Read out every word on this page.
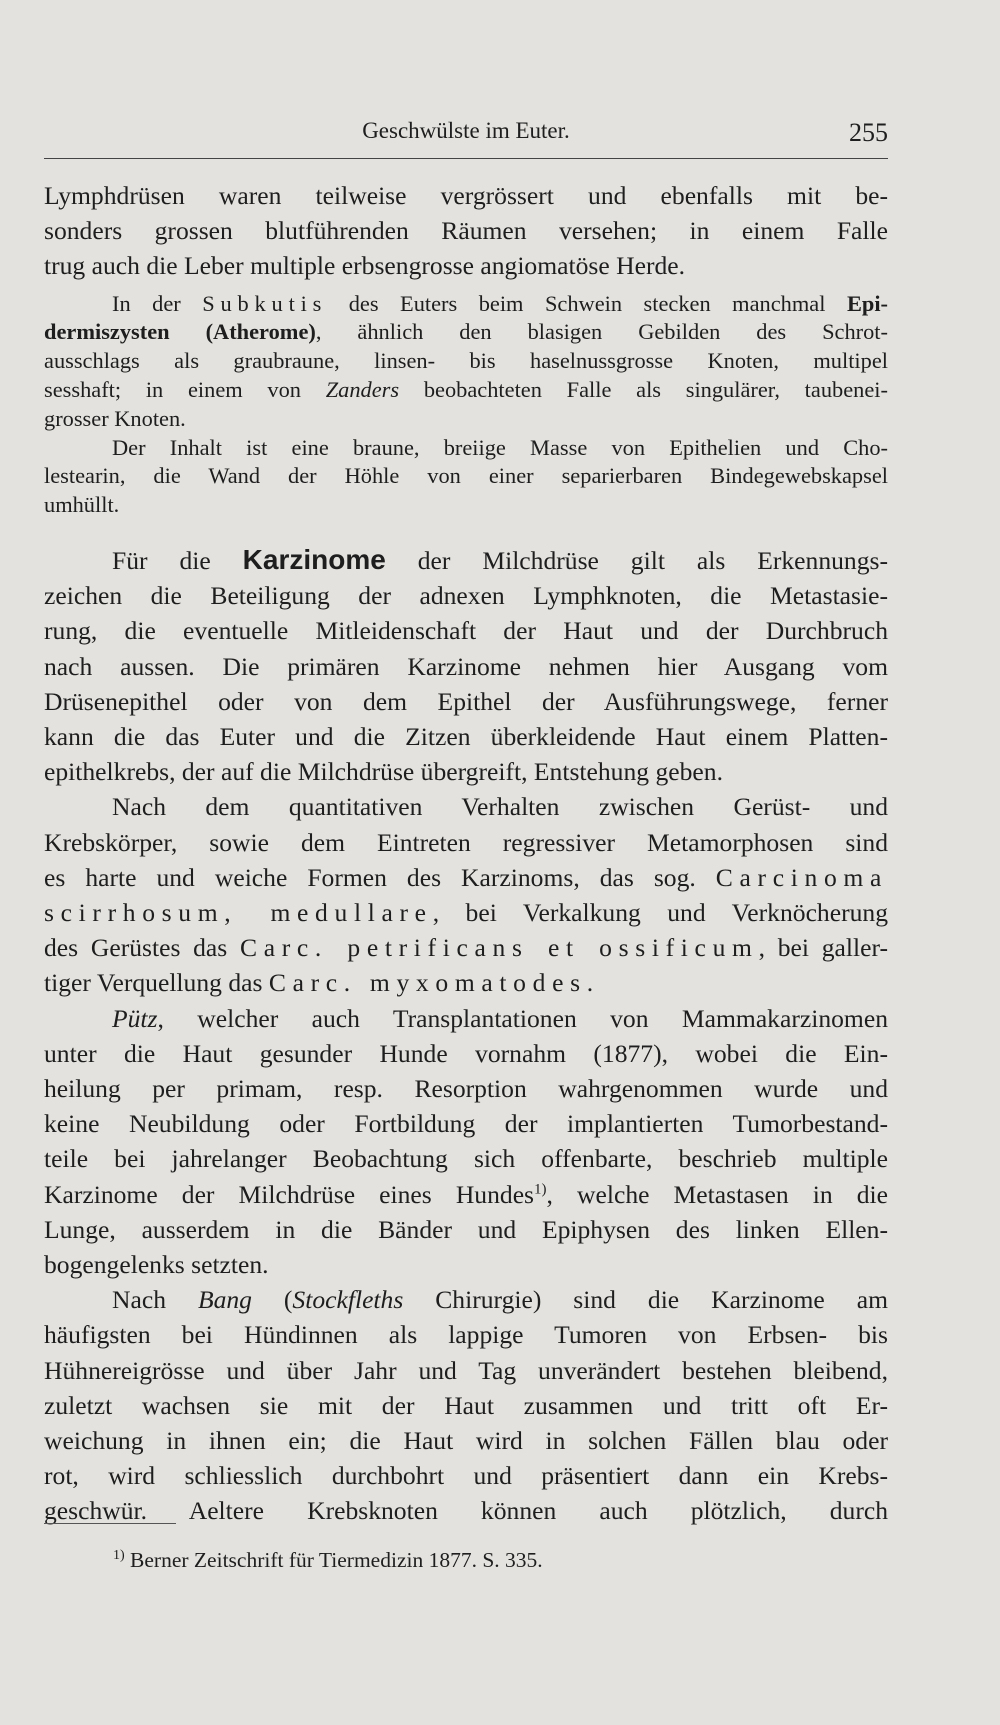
Geschwülste im Euter.	255

Lymphdrüsen waren teilweise vergrössert und ebenfalls mit be-

sonders grossen blutführenden Räumen versehen; in einem Falle

trug auch die Leber multiple erbsengrosse angiomatöse Herde.

In der Subkutis des Euters beim Schwein stecken manchmal Epi-

dermiszysten (Atherome), ähnlich den blasigen Gebilden des Schrot-

ausschlags als graubraune, linsen- bis haselnussgrosse Knoten, multipel

sesshaft; in einem von Zanders beobachteten Falle als singulärer, taubenei-

grosser Knoten.

Der Inhalt ist eine braune, breiige Masse von Epithelien und Cho-

lestearin, die Wand der Höhle von einer separierbaren Bindegewebskapsel

umhüllt.

Für die Karzinome der Milchdrüse gilt als Erkennungs-

zeichen die Beteiligung der adnexen Lymphknoten, die Metastasie-

rung, die eventuelle Mitleidenschaft der Haut und der Durchbruch

nach aussen. Die primären Karzinome nehmen hier Ausgang vom

Drüsenepithel oder von dem Epithel der Ausführungswege, ferner

kann die das Euter und die Zitzen überkleidende Haut einem Platten-

epithelkrebs, der auf die Milchdrüse übergreift, Entstehung geben.

Nach dem quantitativen Verhalten zwischen Gerüst- und

Krebskörper, sowie dem Eintreten regressiver Metamorphosen sind

es harte und weiche Formen des Karzinoms, das sog. Carcinoma

scirrhosum, medullare, bei Verkalkung und Verknöcherung

des Gerüstes das Carc. petrificans et ossificum, bei galler-

tiger Verquellung das Carc. myxomatodes.

Pütz, welcher auch Transplantationen von Mammakarzinomen

unter die Haut gesunder Hunde vornahm (1877), wobei die Ein-

heilung per primam, resp. Resorption wahrgenommen wurde und

keine Neubildung oder Fortbildung der implantierten Tumorbestand-

teile bei jahrelanger Beobachtung sich offenbarte, beschrieb multiple

Karzinome der Milchdrüse eines Hundes$^{1)}$, welche Metastasen in die

Lunge, ausserdem in die Bänder und Epiphysen des linken Ellen-

bogengelenks setzten.

Nach Bang (Stockfleths Chirurgie) sind die Karzinome am

häufigsten bei Hündinnen als lappige Tumoren von Erbsen- bis

Hühnereigrösse und über Jahr und Tag unverändert bestehen bleibend,

zuletzt wachsen sie mit der Haut zusammen und tritt oft Er-

weichung in ihnen ein; die Haut wird in solchen Fällen blau oder

rot, wird schliesslich durchbohrt und präsentiert dann ein Krebs-

geschwür. Aeltere Krebsknoten können auch plötzlich, durch

$^{1)}$ Berner Zeitschrift für Tiermedizin 1877. S. 335.
